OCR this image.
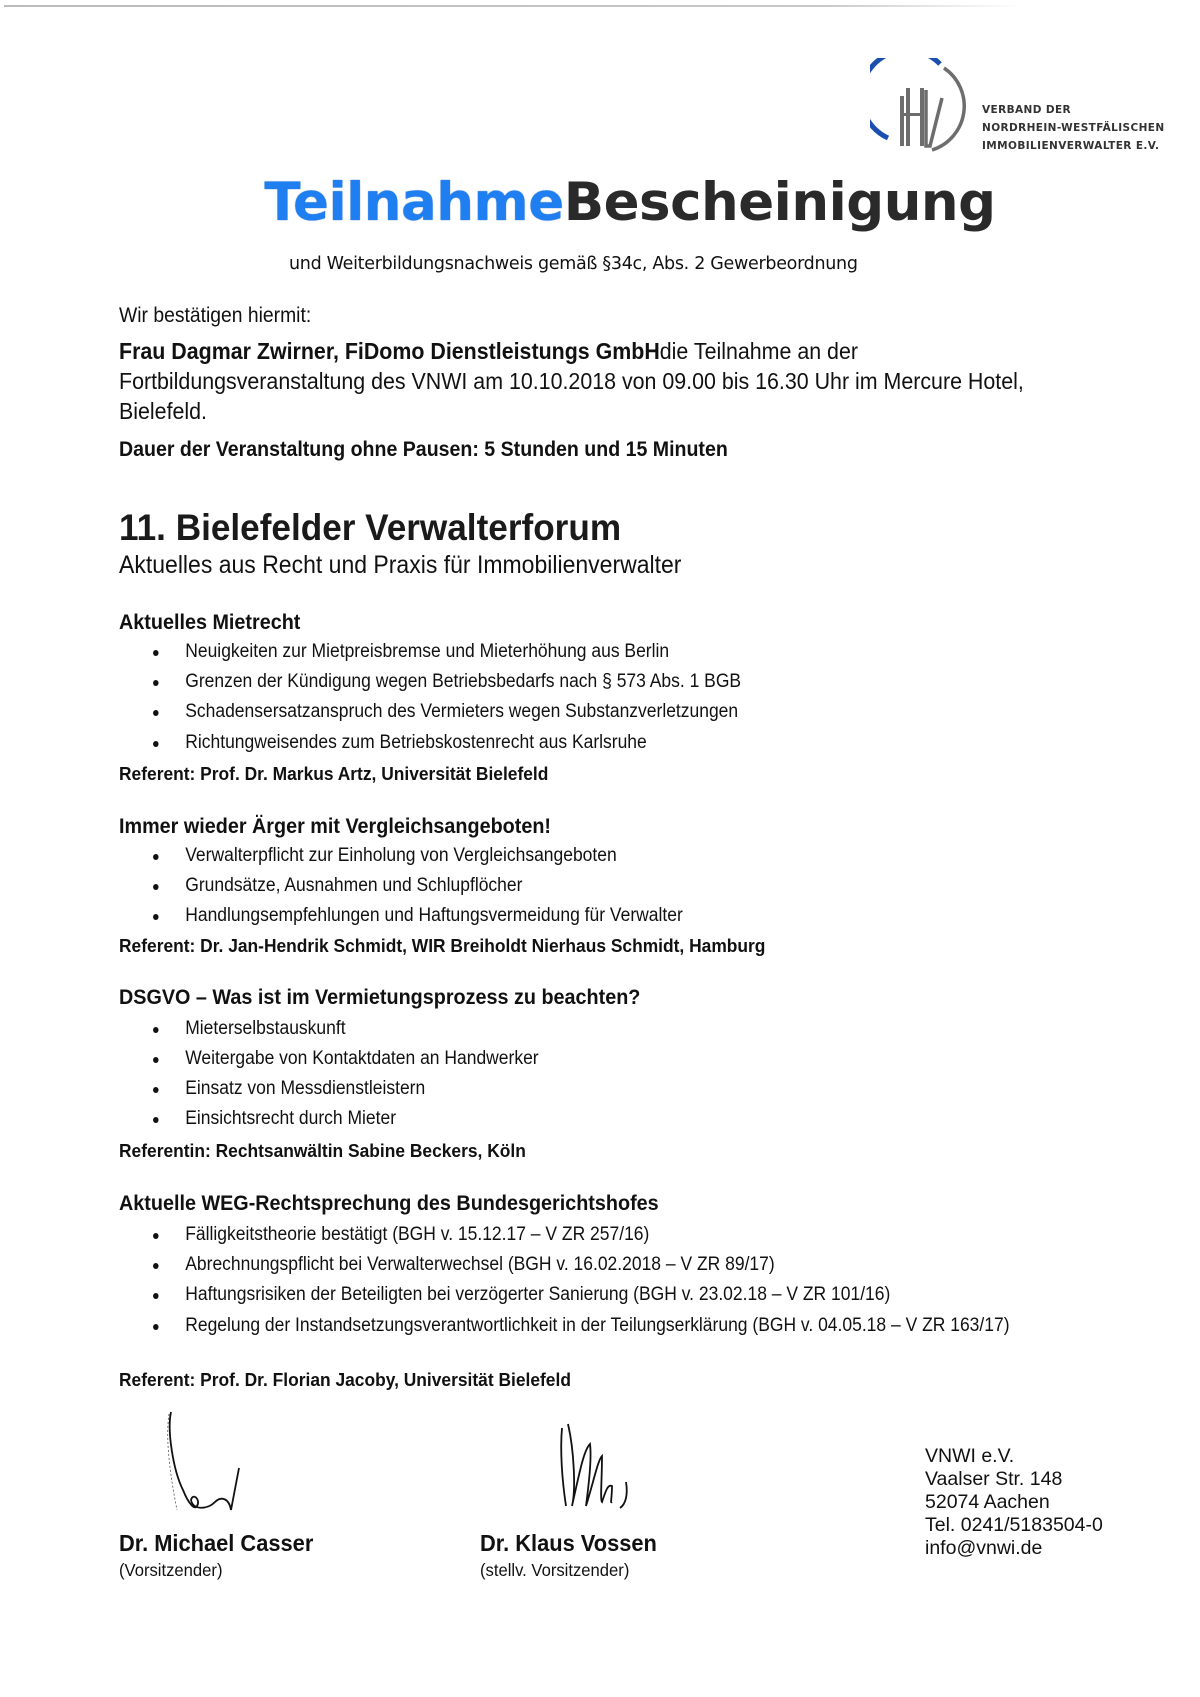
VERBAND DER
NORDRHEIN-WESTFÄLISCHEN
IMMOBILIENVERWALTER E.V.
TeilnahmeBescheinigung
und Weiterbildungsnachweis gemäß §34c, Abs. 2 Gewerbeordnung
Wir bestätigen hiermit:
Frau Dagmar Zwirner, FiDomo Dienstleistungs GmbHdie Teilnahme an der Fortbildungsveranstaltung des VNWI am 10.10.2018 von 09.00 bis 16.30 Uhr im Mercure Hotel, Bielefeld.
Dauer der Veranstaltung ohne Pausen: 5 Stunden und 15 Minuten
11. Bielefelder Verwalterforum
Aktuelles aus Recht und Praxis für Immobilienverwalter
Aktuelles Mietrecht
Neuigkeiten zur Mietpreisbremse und Mieterhöhung aus Berlin
Grenzen der Kündigung wegen Betriebsbedarfs nach § 573 Abs. 1 BGB
Schadensersatzanspruch des Vermieters wegen Substanzverletzungen
Richtungweisendes zum Betriebskostenrecht aus Karlsruhe
Referent: Prof. Dr. Markus Artz, Universität Bielefeld
Immer wieder Ärger mit Vergleichsangeboten!
Verwalterpflicht zur Einholung von Vergleichsangeboten
Grundsätze, Ausnahmen und Schlupflöcher
Handlungsempfehlungen und Haftungsvermeidung für Verwalter
Referent: Dr. Jan-Hendrik Schmidt, WIR Breiholdt Nierhaus Schmidt, Hamburg
DSGVO – Was ist im Vermietungsprozess zu beachten?
Mieterselbstauskunft
Weitergabe von Kontaktdaten an Handwerker
Einsatz von Messdienstleistern
Einsichtsrecht durch Mieter
Referentin: Rechtsanwältin Sabine Beckers, Köln
Aktuelle WEG-Rechtsprechung des Bundesgerichtshofes
Fälligkeitstheorie bestätigt (BGH v. 15.12.17 – V ZR 257/16)
Abrechnungspflicht bei Verwalterwechsel (BGH v. 16.02.2018 – V ZR 89/17)
Haftungsrisiken der Beteiligten bei verzögerter Sanierung (BGH v. 23.02.18 – V ZR 101/16)
Regelung der Instandsetzungsverantwortlichkeit in der Teilungserklärung (BGH v. 04.05.18 – V ZR 163/17)
Referent: Prof. Dr. Florian Jacoby, Universität Bielefeld
Dr. Michael Casser
(Vorsitzender)
Dr. Klaus Vossen
(stellv. Vorsitzender)
VNWI e.V.
Vaalser Str. 148
52074 Aachen
Tel. 0241/5183504-0
info@vnwi.de
